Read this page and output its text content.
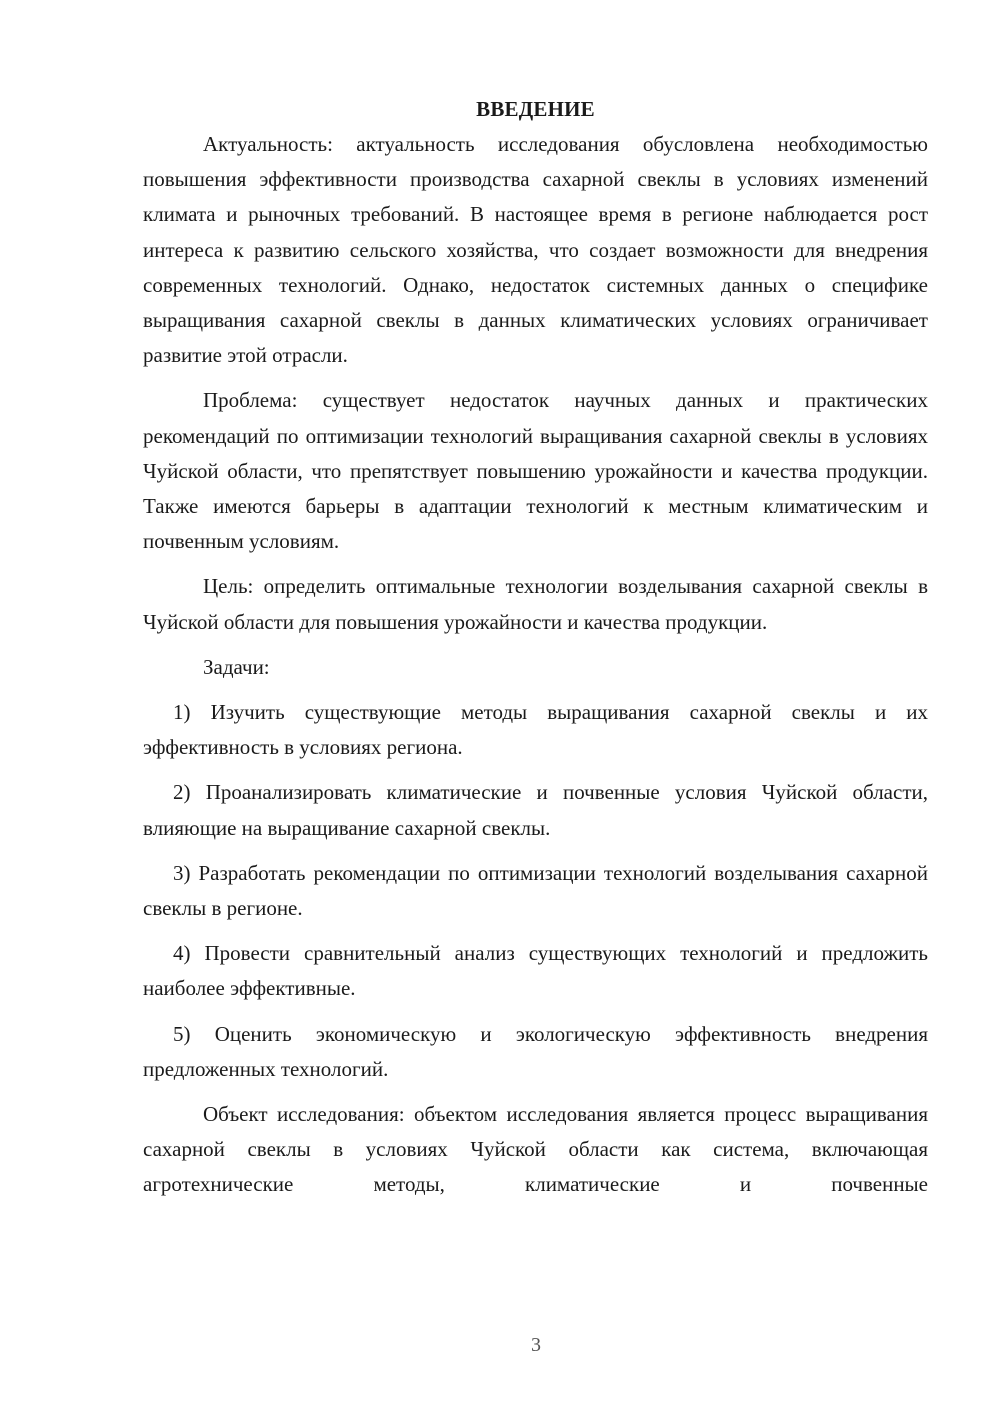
ВВЕДЕНИЕ

Актуальность: актуальность исследования обусловлена необходимостью повышения эффективности производства сахарной свеклы в условиях изменений климата и рыночных требований. В настоящее время в регионе наблюдается рост интереса к развитию сельского хозяйства, что создает возможности для внедрения современных технологий. Однако, недостаток системных данных о специфике выращивания сахарной свеклы в данных климатических условиях ограничивает развитие этой отрасли.

Проблема: существует недостаток научных данных и практических рекомендаций по оптимизации технологий выращивания сахарной свеклы в условиях Чуйской области, что препятствует повышению урожайности и качества продукции. Также имеются барьеры в адаптации технологий к местным климатическим и почвенным условиям.

Цель: определить оптимальные технологии возделывания сахарной свеклы в Чуйской области для повышения урожайности и качества продукции.

Задачи:

1) Изучить существующие методы выращивания сахарной свеклы и их эффективность в условиях региона.

2) Проанализировать климатические и почвенные условия Чуйской области, влияющие на выращивание сахарной свеклы.

3) Разработать рекомендации по оптимизации технологий возделывания сахарной свеклы в регионе.

4) Провести сравнительный анализ существующих технологий и предложить наиболее эффективные.

5) Оценить экономическую и экологическую эффективность внедрения предложенных технологий.

Объект исследования: объектом исследования является процесс выращивания сахарной свеклы в условиях Чуйской области как система, включающая агротехнические методы, климатические и почвенные

3
